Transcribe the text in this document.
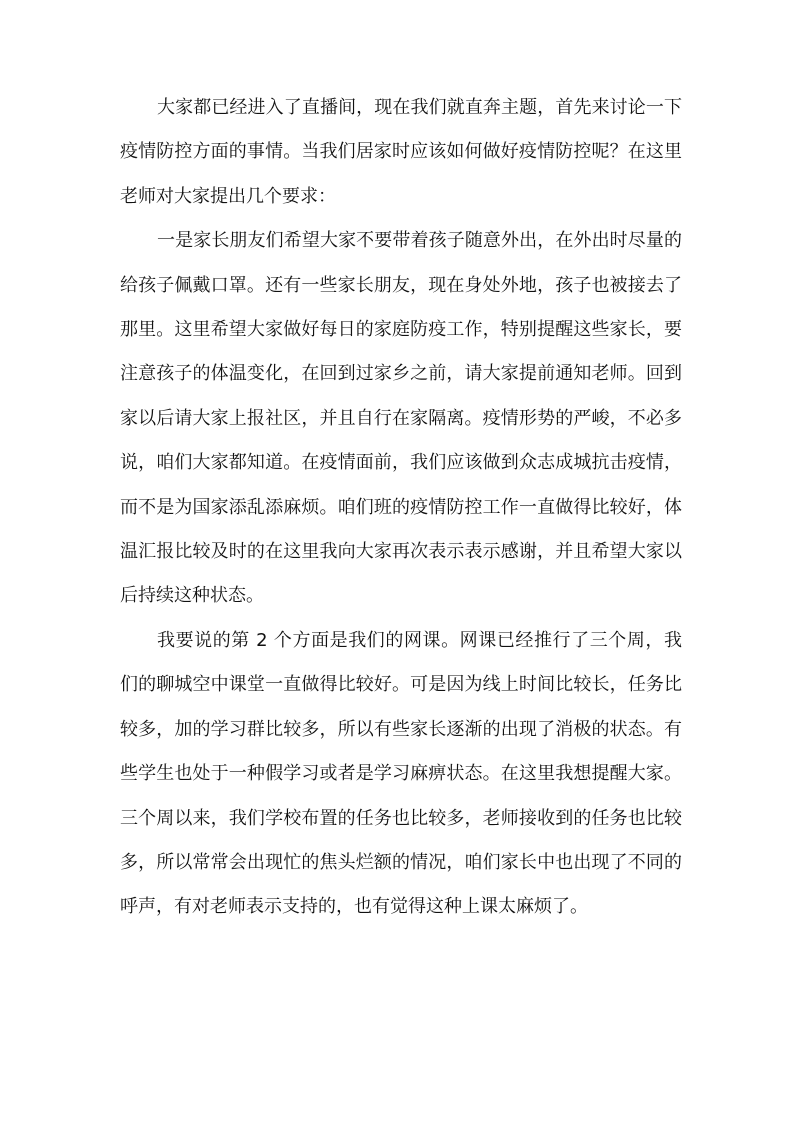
大家都已经进入了直播间，现在我们就直奔主题，首先来讨论一下疫情防控方面的事情。当我们居家时应该如何做好疫情防控呢？在这里老师对大家提出几个要求：

一是家长朋友们希望大家不要带着孩子随意外出，在外出时尽量的给孩子佩戴口罩。还有一些家长朋友，现在身处外地，孩子也被接去了那里。这里希望大家做好每日的家庭防疫工作，特别提醒这些家长，要注意孩子的体温变化，在回到过家乡之前，请大家提前通知老师。回到家以后请大家上报社区，并且自行在家隔离。疫情形势的严峻，不必多说，咱们大家都知道。在疫情面前，我们应该做到众志成城抗击疫情，而不是为国家添乱添麻烦。咱们班的疫情防控工作一直做得比较好，体温汇报比较及时的在这里我向大家再次表示表示感谢，并且希望大家以后持续这种状态。

我要说的第 2 个方面是我们的网课。网课已经推行了三个周，我们的聊城空中课堂一直做得比较好。可是因为线上时间比较长，任务比较多，加的学习群比较多，所以有些家长逐渐的出现了消极的状态。有些学生也处于一种假学习或者是学习麻痹状态。在这里我想提醒大家。三个周以来，我们学校布置的任务也比较多，老师接收到的任务也比较多，所以常常会出现忙的焦头烂额的情况，咱们家长中也出现了不同的呼声，有对老师表示支持的，也有觉得这种上课太麻烦了。
